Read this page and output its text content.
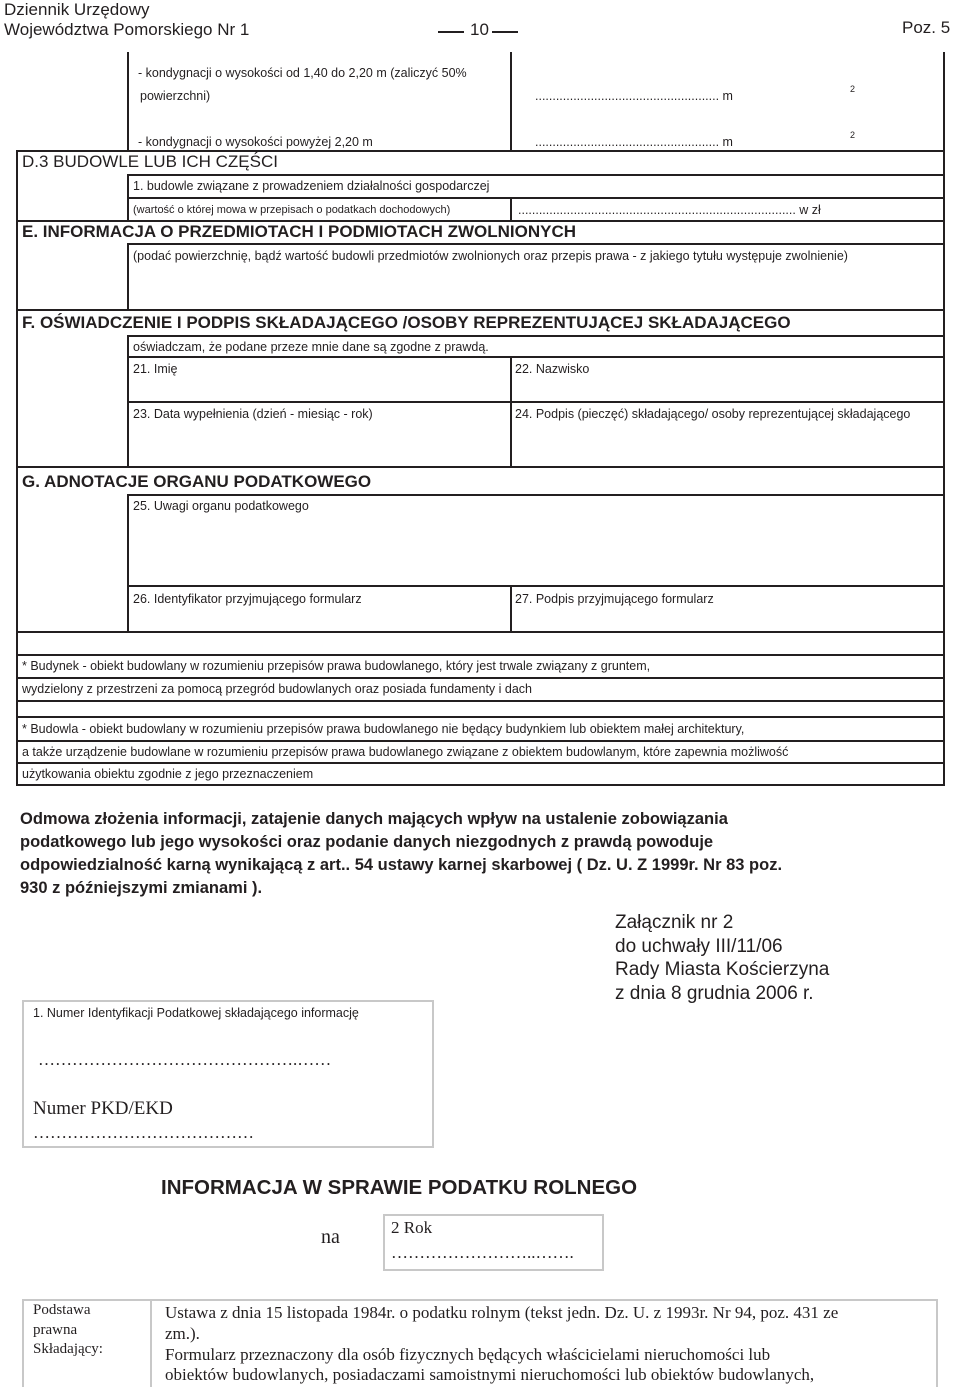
Dziennik Urzędowy
Województwa Pomorskiego Nr 1	10	Poz. 5
- kondygnacji o wysokości od 1,40 do 2,20 m (zaliczyć 50%
powierzchni)	..................................................... m	2
- kondygnacji o wysokości powyżej 2,20 m	..................................................... m	2
D.3 BUDOWLE LUB ICH CZĘŚCI
1. budowle związane z prowadzeniem działalności gospodarczej
(wartość o której mowa w przepisach o podatkach dochodowych)	................................................................................ w zł
E. INFORMACJA O PRZEDMIOTACH I PODMIOTACH ZWOLNIONYCH
(podać powierzchnię, bądź wartość budowli przedmiotów zwolnionych oraz przepis prawa - z jakiego tytułu występuje zwolnienie)
F. OŚWIADCZENIE I PODPIS SKŁADAJĄCEGO /OSOBY REPREZENTUJĄCEJ SKŁADAJĄCEGO
oświadczam, że podane przeze mnie dane są zgodne z prawdą.
21. Imię	22. Nazwisko
23. Data wypełnienia (dzień - miesiąc - rok)	24. Podpis (pieczęć) składającego/ osoby reprezentującej składającego
G. ADNOTACJE ORGANU PODATKOWEGO
25. Uwagi organu podatkowego
26. Identyfikator przyjmującego formularz	27. Podpis przyjmującego formularz
* Budynek - obiekt budowlany w rozumieniu przepisów prawa budowlanego, który jest trwale związany z gruntem,
wydzielony z przestrzeni za pomocą przegród budowlanych oraz posiada fundamenty i dach
* Budowla - obiekt budowlany w rozumieniu przepisów prawa budowlanego nie będący budynkiem lub obiektem małej architektury,
a także urządzenie budowlane w rozumieniu przepisów prawa budowlanego związane z obiektem budowlanym, które zapewnia możliwość
użytkowania obiektu zgodnie z jego przeznaczeniem
Odmowa złożenia informacji, zatajenie danych mających wpływ na ustalenie zobowiązania
podatkowego lub jego wysokości oraz podanie danych niezgodnych z prawdą powoduje
odpowiedzialność karną wynikającą z art.. 54 ustawy karnej skarbowej ( Dz. U. Z 1999r. Nr 83 poz.
930 z późniejszymi zmianami ).
Załącznik nr 2
do uchwały III/11/06
Rady Miasta Kościerzyna
z dnia 8 grudnia 2006 r.
1. Numer Identyfikacji Podatkowej składającego informację
……………………………………….……
Numer PKD/EKD
…………………………………
INFORMACJA W SPRAWIE PODATKU ROLNEGO
na	2 Rok
……………………..…….
Podstawa
prawna
Składający:
Ustawa z dnia 15 listopada 1984r. o podatku rolnym (tekst jedn. Dz. U. z 1993r. Nr 94, poz. 431 ze
zm.).
Formularz przeznaczony dla osób fizycznych będących właścicielami nieruchomości lub
obiektów budowlanych, posiadaczami samoistnymi nieruchomości lub obiektów budowlanych,
